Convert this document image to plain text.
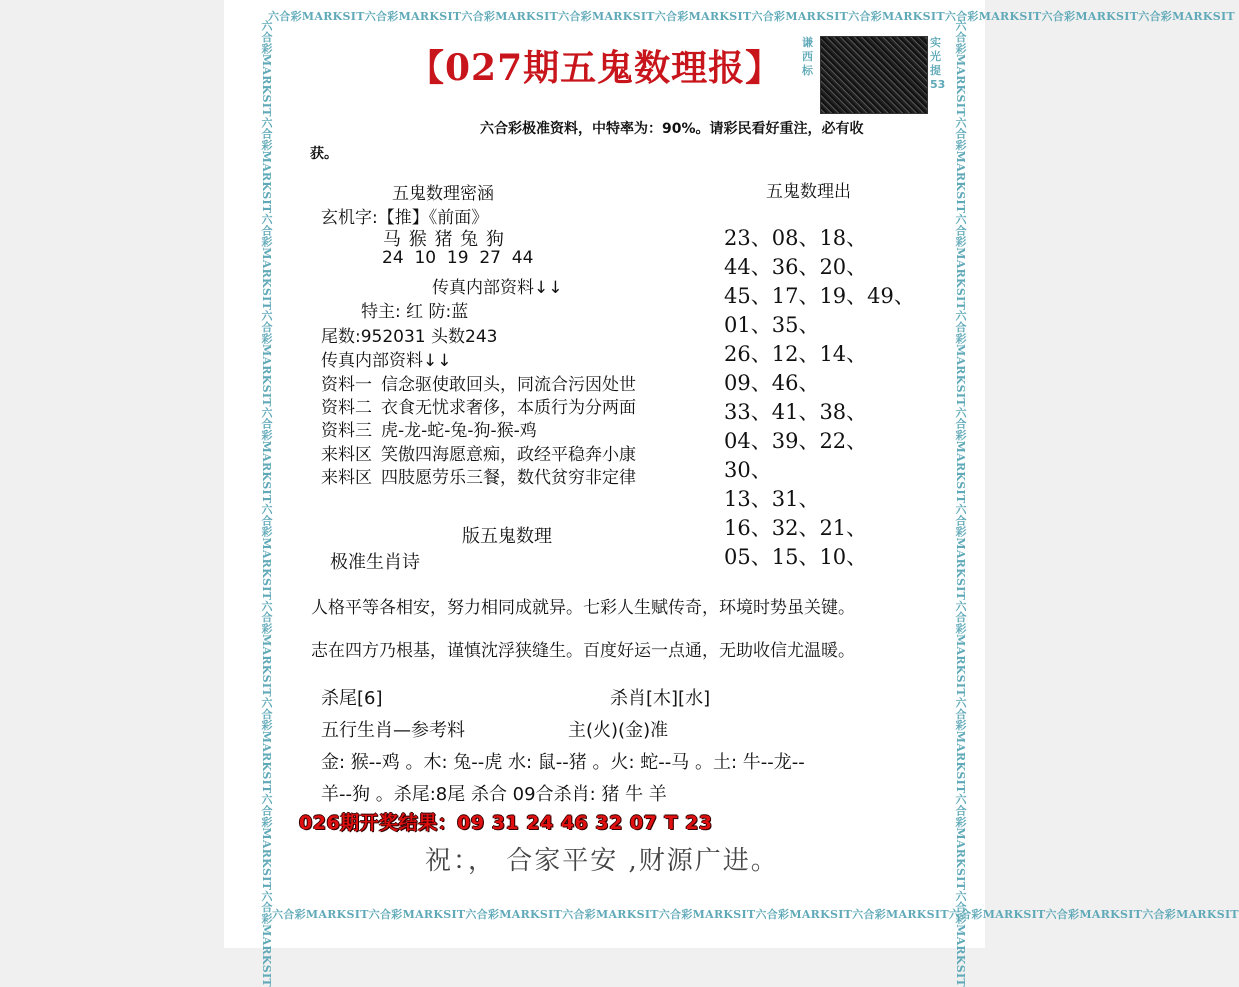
六合彩MARKSIT六合彩MARKSIT六合彩MARKSIT六合彩MARKSIT六合彩MARKSIT六合彩MARKSIT六合彩MARKSIT六合彩MARKSIT六合彩MARKSIT六合彩MARKSIT
六合彩MARKSIT六合彩MARKSIT六合彩MARKSIT六合彩MARKSIT六合彩MARKSIT六合彩MARKSIT六合彩MARKSIT六合彩MARKSIT六合彩MARKSIT六合彩MARKSIT
六合彩MARKSIT六合彩MARKSIT六合彩MARKSIT六合彩MARKSIT六合彩MARKSIT六合彩MARKSIT六合彩MARKSIT六合彩MARKSIT六合彩MARKSIT六合彩MARKSIT	六合彩MARKSIT六合彩MARKSIT六合彩MARKSIT六合彩MARKSIT六合彩MARKSIT六合彩MARKSIT六合彩MARKSIT六合彩MARKSIT六合彩MARKSIT六合彩MARKSIT
【027期五鬼数理报】
谦西标
实光提53
六合彩极准资料，中特率为：90%。请彩民看好重注，必有收
获。
五鬼数理密涵	五鬼数理出
玄机字:【推】《前面》
马 猴 猪 兔 狗
24  10  19  27  44
传真内部资料↓↓
特主: 红 防:蓝
尾数:952031 头数243
传真内部资料↓↓
资料一 信念驱使敢回头，同流合污因处世
资料二 衣食无忧求奢侈，本质行为分两面
资料三 虎-龙-蛇-兔-狗-猴-鸡
来料区 笑傲四海愿意痴，政经平稳奔小康
来料区 四肢愿劳乐三餐，数代贫穷非定律
版五鬼数理
极准生肖诗
23、08、18、
44、36、20、
45、17、19、49、
01、35、
26、12、14、
09、46、
33、41、38、
04、39、22、
30、
13、31、
16、32、21、
05、15、10、
人格平等各相安，努力相同成就异。七彩人生赋传奇，环境时势虽关键。
志在四方乃根基，谨慎沈浮狭缝生。百度好运一点通，无助收信尤温暖。
杀尾[6]	杀肖[木][水]
五行生肖—参考料	主(火)(金)准
金: 猴--鸡 。木: 兔--虎 水: 鼠--猪 。火: 蛇--马 。土: 牛--龙--
羊--狗 。杀尾:8尾 杀合 09合杀肖: 猪 牛 羊
026期开奖结果：09 31 24 46 32 07 T 23
祝：， 合家平安 ,财源广进。
